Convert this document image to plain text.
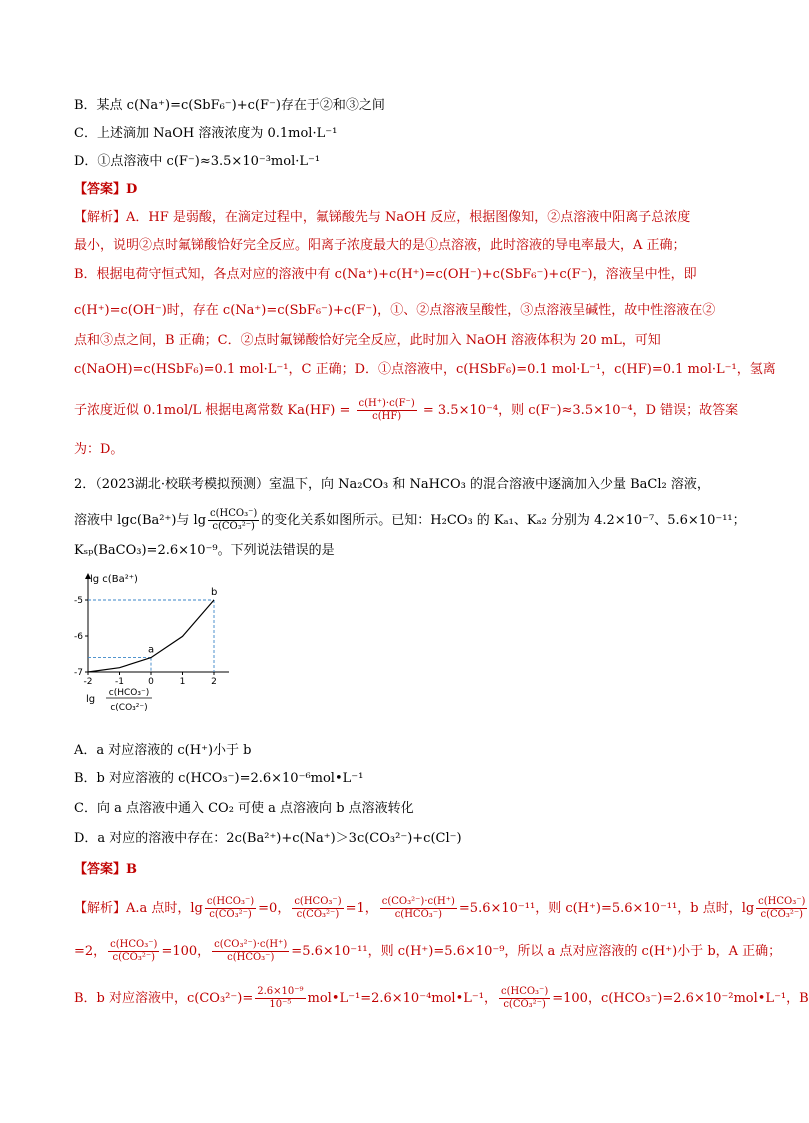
B．某点 c(Na⁺)=c(SbF₆⁻)+c(F⁻)存在于②和③之间
C．上述滴加 NaOH 溶液浓度为 0.1mol·L⁻¹
D．①点溶液中 c(F⁻)≈3.5×10⁻³mol·L⁻¹
【答案】D
【解析】A．HF 是弱酸，在滴定过程中，氟锑酸先与 NaOH 反应，根据图像知，②点溶液中阳离子总浓度
最小，说明②点时氟锑酸恰好完全反应。阳离子浓度最大的是①点溶液，此时溶液的导电率最大，A 正确；
B．根据电荷守恒式知，各点对应的溶液中有 c(Na⁺)+c(H⁺)=c(OH⁻)+c(SbF₆⁻)+c(F⁻)，溶液呈中性，即
c(H⁺)=c(OH⁻)时，存在 c(Na⁺)=c(SbF₆⁻)+c(F⁻)，①、②点溶液呈酸性，③点溶液呈碱性，故中性溶液在②
点和③点之间，B 正确；C．②点时氟锑酸恰好完全反应，此时加入 NaOH 溶液体积为 20 mL，可知
c(NaOH)=c(HSbF₆)=0.1 mol·L⁻¹，C 正确；D．①点溶液中，c(HSbF₆)=0.1 mol·L⁻¹，c(HF)=0.1 mol·L⁻¹，氢离
子浓度近似 0.1mol/L 根据电离常数 $Ka(HF) = \frac{c(H^+)\cdot c(F^-)}{c(HF)} = 3.5\times 10^{-4}$，则 c(F⁻)≈3.5×10⁻⁴，D 错误；故答案
为：D。
2．（2023湖北·校联考模拟预测）室温下，向 Na₂CO₃ 和 NaHCO₃ 的混合溶液中逐滴加入少量 BaCl₂ 溶液，
溶液中 lgc(Ba²⁺)与 $\lg \frac{\text{c(HCO₃⁻)}}{\text{c(CO₃²⁻)}}$ 的变化关系如图所示。已知：H₂CO₃ 的 Kₐ₁、Kₐ₂ 分别为 4.2×10⁻⁷、5.6×10⁻¹¹；
Kₛₚ(BaCO₃)=2.6×10⁻⁹。下列说法错误的是
lg c(Ba²⁺)
-2	-1	0	1	2
-5
-6
-7
a
b
lg
c(HCO₃⁻)
c(CO₃²⁻)
A．a 对应溶液的 c(H⁺)小于 b
B．b 对应溶液的 c(HCO₃⁻)=2.6×10⁻⁶mol•L⁻¹
C．向 a 点溶液中通入 CO₂ 可使 a 点溶液向 b 点溶液转化
D．a 对应的溶液中存在：2c(Ba²⁺)+c(Na⁺)＞3c(CO₃²⁻)+c(Cl⁻)
【答案】B
【解析】A.a 点时，$\lg \frac{\text{c(HCO₃⁻)}}{\text{c(CO₃²⁻)}} =0$， $\frac{\text{c(HCO₃⁻)}}{\text{c(CO₃²⁻)}} =1$， $\frac{\text{c(CO₃²⁻)·c(H⁺)}}{\text{c(HCO₃⁻)}} =5.6\times 10^{-11}$，则 c(H⁺)=5.6×10⁻¹¹，b 点时，$\lg \frac{\text{c(HCO₃⁻)}}{\text{c(CO₃²⁻)}}$
=2， $\frac{\text{c(HCO₃⁻)}}{\text{c(CO₃²⁻)}} =100$， $\frac{\text{c(CO₃²⁻)·c(H⁺)}}{\text{c(HCO₃⁻)}} =5.6\times 10^{-11}$，则 c(H⁺)=5.6×10⁻⁹，所以 a 点对应溶液的 c(H⁺)小于 b，A 正确；
B．b 对应溶液中，$c(CO_3^{2-})= \frac{\text{2.6×10⁻⁹}}{\text{10⁻⁵}}$ mol•L⁻¹=2.6×10⁻⁴mol•L⁻¹， $\frac{\text{c(HCO₃⁻)}}{\text{c(CO₃²⁻)}} =100$，c(HCO₃⁻)=2.6×10⁻²mol•L⁻¹，B
